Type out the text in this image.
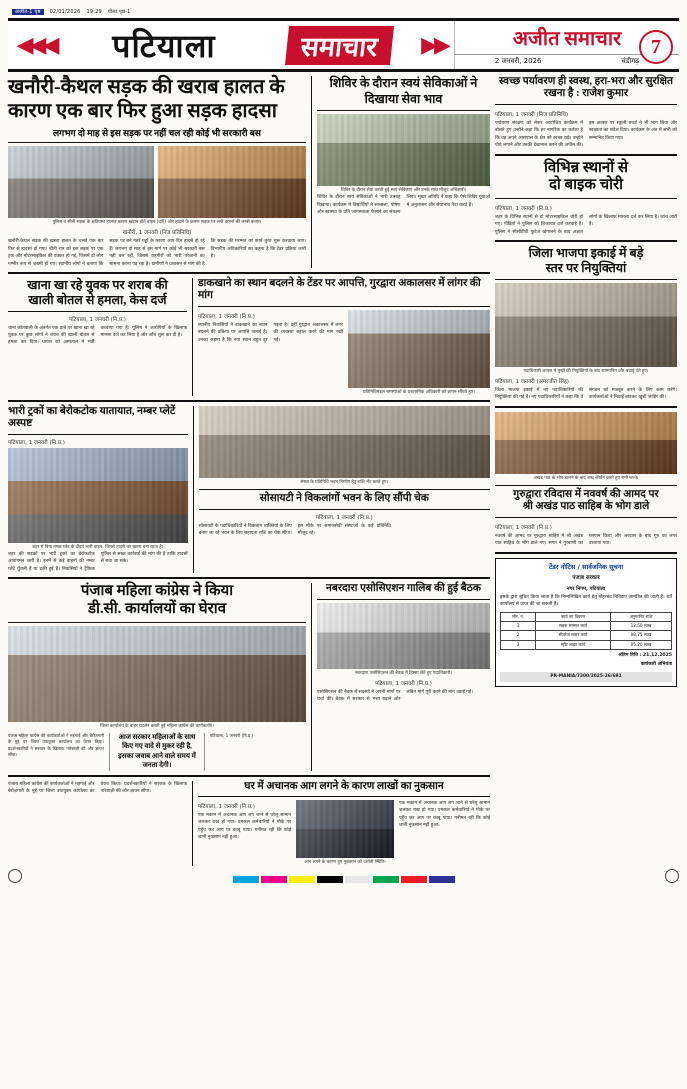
अजीत-1 पृष्ठ	02/01/2026 19:29 पीला पृष्ठ-1
◀◀◀	पटियाला	समाचार	▶▶	अजीत समाचार
2 जनवरी, 2026	चंडीगढ़
7
खनौरी-कैथल सड़क की खराब हालत के
कारण एक बार फिर हुआ सड़क हादसा
लगभग दो माह से इस सड़क पर नहीं चल रही कोई भी सरकारी बस
पुलिस व सीमी सड़क के क्षतिग्रस्त हालात कारण खड़ाब होते वाहन (दाएँ) और हादसे के कारण सड़क पर लगी वाहनों की लम्बी कतार।
खनौरी, 1 जनवरी (निज प्रतिनिधि)
खनौरी-कैथल सड़क की खस्ता हालत के चलते एक बार फिर से हादसा हो गया। बीती रात को इस सड़क पर एक ट्रक और मोटरसाइकिल की टक्कर हो गई, जिसमें दो लोग गम्भीर रूप से जख्मी हो गए। स्थानीय लोगों ने बताया कि सड़क पर बने गहरे गढ्ढों के कारण आए दिन हादसे हो रहे हैं। लगभग दो माह से इस मार्ग पर कोई भी सरकारी बस नहीं चल रही, जिससे राहगीरों को भारी परेशानी का सामना करना पड़ रहा है। ग्रामीणों ने प्रशासन से मांग की है कि सड़क की मरम्मत का कार्य तुरंत शुरू करवाया जाए। विभागीय अधिकारियों का कहना है कि टेंडर प्रक्रिया जारी है।
शिविर के दौरान स्वयं सेविकाओं ने दिखाया सेवा भाव
शिविर के दौरान सेवा करती हुई स्वयं सेविकाएं और उनके साथ मौजूद अधिकारी।
शिविर के दौरान स्वयं सेविकाओं ने भारी उत्साह दिखाया। कार्यक्रम में विद्यार्थियों ने स्वच्छता, पोषण और स्वास्थ्य के प्रति जागरूकता फैलाने का संकल्प लिया। मुख्य अतिथि ने कहा कि ऐसे शिविर युवाओं में अनुशासन और सेवाभाव पैदा करते हैं।
खाना खा रहे युवक पर शराब की
खाली बोतल से हमला, केस दर्ज
पटियाला, 1 जनवरी (नि.प्र.)
थाना कोतवाली के अंतर्गत एक ढाबे पर खाना खा रहे युवक पर कुछ लोगों ने शराब की खाली बोतल से हमला कर दिया। घायल को अस्पताल में भर्ती करवाया गया है। पुलिस ने आरोपियों के खिलाफ़ मामला दर्ज कर लिया है और जाँच शुरू कर दी है।
डाकखाने का स्थान बदलने के टेंडर पर आपत्ति, गुरद्वारा अकालसर में लांगर की मांग
पटियाला, 1 जनवरी (नि.प्र.)
स्थानीय निवासियों ने डाकखाने का स्थान बदलने की प्रक्रिया पर आपत्ति जताई है। उनका कहना है कि नया स्थान बहुत दूर पड़ता है। वहीं गुरद्वारा अकालसर में लंगर की व्यवस्था बहाल करने की मांग रखी गई।
प्रतिनिधिमंडल समस्याओं के प्रशासनिक अधिकारी को ज्ञापन सौंपते हुए।
भारी ट्रकों का बेरोकटोक यातायात, नम्बर प्लेटें अस्पष्ट
पटियाला, 1 जनवरी (नि.प्र.)
शहर में बिना नम्बर प्लेट के दौड़ते भारी वाहन, जिनसे हादसे का खतरा बना रहता है।
शहर की सड़कों पर भारी ट्रकों का बेरोकटोक आवागमन जारी है। इनमें से कई वाहनों की नम्बर प्लेटें धुँधली हैं या ढकी हुई हैं। निवासियों ने ट्रैफ़िक पुलिस से सख्त कार्रवाई की मांग की है ताकि हादसों से बचा जा सके।
संस्था के प्रतिनिधि भवन निर्माण हेतु राशि भेंट करते हुए।
सोसायटी ने विकलांगों भवन के लिए सौंपी चेक
पटियाला, 1 जनवरी (नि.प्र.)
सोसायटी के पदाधिकारियों ने विकलांग व्यक्तियों के लिए बनाए जा रहे भवन के लिए सहायता राशि का चेक सौंपा। इस मौके पर समाजसेवी संस्थाओं के कई प्रतिनिधि मौजूद रहे।
पंजाब महिला कांग्रेस ने किया
डी.सी. कार्यालयों का घेराव
जिला कार्यालय के बाहर प्रदर्शन करती हुई महिला कांग्रेस की कार्यकर्ताएं।
पंजाब महिला कांग्रेस की कार्यकर्ताओं ने महंगाई और बेरोज़गारी के मुद्दे पर जिला उपायुक्त कार्यालय का घेराव किया। प्रदर्शनकारियों ने सरकार के खिलाफ़ नारेबाज़ी की और ज्ञापन सौंपा।
आज सरकार महिलाओं के साथ किए गए वादे से मुकर रही है, इसका जवाब आने वाले समय में जनता देगी।
पटियाला, 1 जनवरी (नि.प्र.)
नबरदारा एसोसिएशन गालिब की हुई बैठक
नबरदारा एसोसिएशन की बैठक में हिस्सा लेते हुए पदाधिकारी।
पटियाला, 1 जनवरी (नि.प्र.)
एसोसिएशन की बैठक में सदस्यों ने अपनी मांगों पर चर्चा की। बैठक में सरकार से भत्ता बढ़ाने और लंबित मांगें पूरी करने की मांग उठाई गई।
पंजाब महिला कांग्रेस की कार्यकर्ताओं ने महंगाई और बेरोज़गारी के मुद्दे पर जिला उपायुक्त कार्यालय का घेराव किया। प्रदर्शनकारियों ने सरकार के खिलाफ़ नारेबाज़ी की और ज्ञापन सौंपा।	घर में अचानक आग लगने के कारण लाखों का नुकसान
पटियाला, 1 जनवरी (नि.प्र.)
एक मकान में अचानक आग लग जाने से घरेलू सामान जलकर राख हो गया। दमकल कर्मचारियों ने मौके पर पहुँच कर आग पर काबू पाया। गनीमत रही कि कोई जानी नुकसान नहीं हुआ।
आग लगने के कारण हुए नुकसान को दर्शाती स्थिति।
एक मकान में अचानक आग लग जाने से घरेलू सामान जलकर राख हो गया। दमकल कर्मचारियों ने मौके पर पहुँच कर आग पर काबू पाया। गनीमत रही कि कोई जानी नुकसान नहीं हुआ।
स्वच्छ पर्यावरण ही स्वस्थ, हरा-भरा और सुरक्षित रखना है : राजेश कुमार
पटियाला, 1 जनवरी (निज प्रतिनिधि)
पर्यावरण संरक्षण को लेकर आयोजित कार्यक्रम में बोलते हुए उन्होंने कहा कि हर नागरिक का कर्तव्य है कि वह अपने आसपास के क्षेत्र को स्वच्छ रखे। उन्होंने पौधे लगाने और उनकी देखभाल करने की अपील की। इस अवसर पर स्कूली बच्चों ने भी भाग लिया और स्वच्छता का संदेश दिया। कार्यक्रम के अंत में सभी को सम्मानित किया गया।
विभिन्न स्थानों से
दो बाइक चोरी
पटियाला, 1 जनवरी (नि.प्र.)
शहर के विभिन्न स्थानों से दो मोटरसाइकिल चोरी हो गए। पीड़ितों ने पुलिस को शिकायत दर्ज करवाई है। पुलिस ने सीसीटीवी फुटेज खंगालने के बाद अज्ञात लोगों के खिलाफ़ मामला दर्ज कर लिया है। जांच जारी है।
जिला भाजपा इकाई में बड़े
स्तर पर नियुक्तियां
पदाधिकारी आपस में मुखी की नियुक्तियों के बाद साम्मानित और बधाई देते हुए।
पटियाला, 1 जनवरी (अमरजीत सिंह)
जिला भाजपा इकाई में नए पदाधिकारियों की नियुक्तियां की गई हैं। नए पदाधिकारियों ने कहा कि वे संगठन को मजबूत करने के लिए काम करेंगे। कार्यकर्ताओं ने मिठाई बांटकर खुशी जाहिर की।
अखंड पाठ के भोग डालने के बाद शब्द कीर्तन करते हुए रागी जत्थे।
गुरुद्वारा रविदास में नववर्ष की आमद पर
श्री अखंड पाठ साहिब के भोग डाले
पटियाला, 1 जनवरी (नि.प्र.)
नववर्ष की आमद पर गुरुद्वारा साहिब में श्री अखंड पाठ साहिब के भोग डाले गए। संगत ने गुरबाणी का रसपान किया और अरदास के बाद गुरु का लंगर वरताया गया।
टेंडर नोटिस / सार्वजनिक सूचना
पंजाब सरकार
नगर निगम, पटियाला
इसके द्वारा सूचित किया जाता है कि निम्नलिखित कार्य हेतु मोहरबंद निविदाएं आमंत्रित की जाती हैं। शर्तें कार्यालय से प्राप्त की जा सकती हैं।
लीर. नं.	कार्य का विवरण	अनुमानित राशि
1	सड़क मरम्मत कार्य	12.50 लाख
2	सीवरेज लाइन कार्य	08.75 लाख
3	स्ट्रीट लाइट कार्य	05.20 लाख
अंतिम तिथि : 21.12.2025
कार्यकारी अभियंता
PR-MANIA/7300/2025-26/691
